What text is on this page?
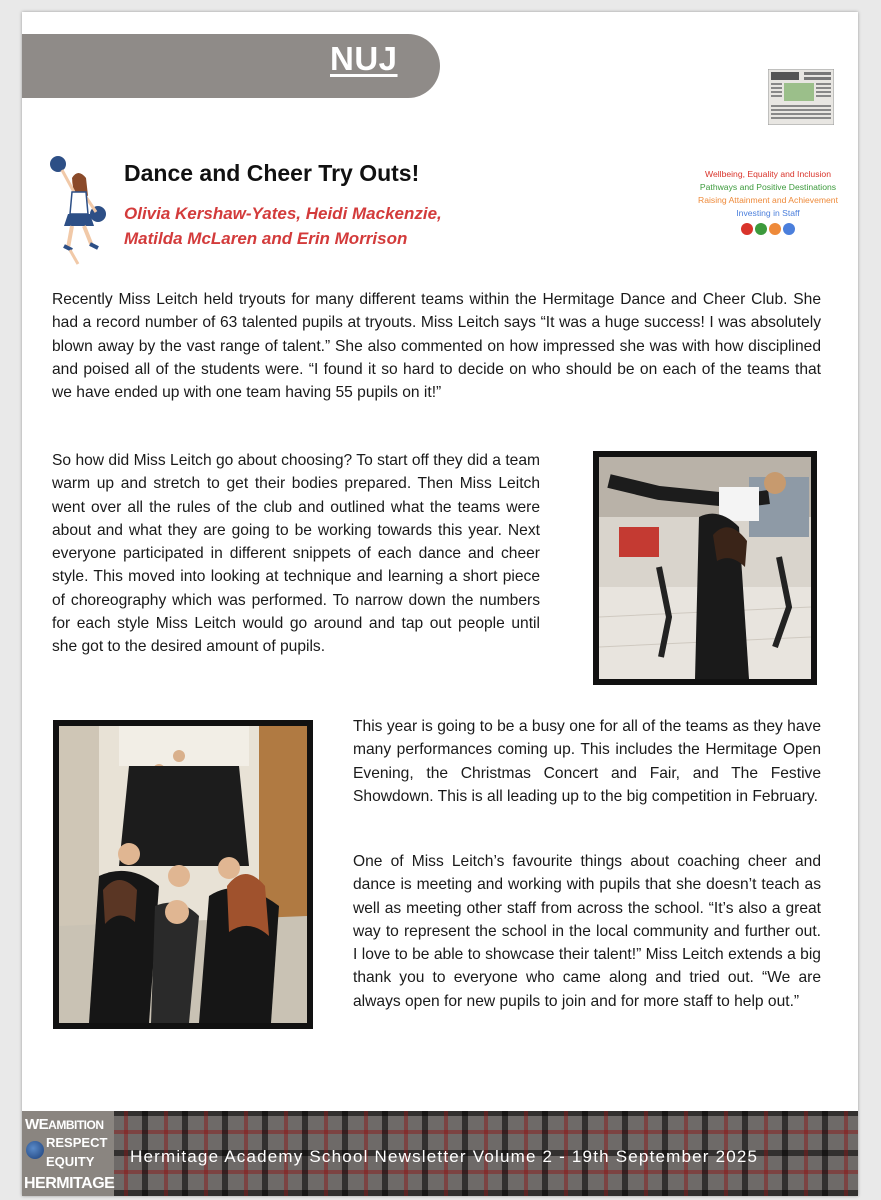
NUJ
Dance and Cheer Try Outs!
Olivia Kershaw-Yates, Heidi Mackenzie,
Matilda McLaren and Erin Morrison
Wellbeing, Equality and Inclusion
Pathways and Positive Destinations
Raising Attainment and Achievement
Investing in Staff

Recently Miss Leitch held tryouts for many different teams within the Hermitage Dance and Cheer Club. She had a record number of 63 talented pupils at tryouts. Miss Leitch says “It was a huge success! I was absolutely blown away by the vast range of talent.” She also commented on how impressed she was with how disciplined and poised all of the students were. “I found it so hard to decide on who should be on each of the teams that we have ended up with one team having 55 pupils on it!”

So how did Miss Leitch go about choosing? To start off they did a team warm up and stretch to get their bodies prepared. Then Miss Leitch went over all the rules of the club and outlined what the teams were about and what they are going to be working towards this year. Next everyone participated in different snippets of each dance and cheer style. This moved into looking at technique and learning a short piece of choreography which was performed. To narrow down the numbers for each style Miss Leitch would go around and tap out people until she got to the desired amount of pupils.

This year is going to be a busy one for all of the teams as they have many performances coming up. This includes the Hermitage Open Evening, the Christmas Concert and Fair, and The Festive Showdown. This is all leading up to the big competition in February.

One of Miss Leitch’s favourite things about coaching cheer and dance is meeting and working with pupils that she doesn’t teach as well as meeting other staff from across the school. “It’s also a great way to represent the school in the local community and further out. I love to be able to showcase their talent!” Miss Leitch extends a big thank you to everyone who came along and tried out. “We are always open for new pupils to join and for more staff to help out.”

WEAMBITION
RESPECT
EQUITY
HERMITAGE
Hermitage Academy School Newsletter Volume 2 - 19th September 2025
